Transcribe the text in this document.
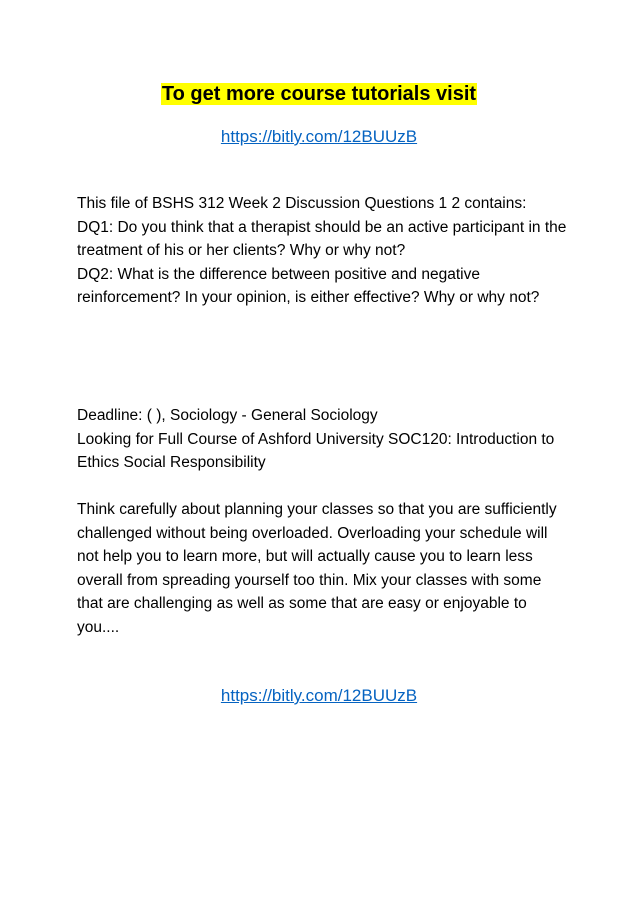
To get more course tutorials visit
https://bitly.com/12BUUzB

This file of BSHS 312 Week 2 Discussion Questions 1 2 contains:

DQ1: Do you think that a therapist should be an active participant in the treatment of his or her clients? Why or why not?

DQ2: What is the difference between positive and negative reinforcement? In your opinion, is either effective? Why or why not?

Deadline: ( ), Sociology - General Sociology

Looking for Full Course of Ashford University SOC120: Introduction to Ethics Social Responsibility

Think carefully about planning your classes so that you are sufficiently challenged without being overloaded. Overloading your schedule will not help you to learn more, but will actually cause you to learn less overall from spreading yourself too thin. Mix your classes with some that are challenging as well as some that are easy or enjoyable to you....

https://bitly.com/12BUUzB
